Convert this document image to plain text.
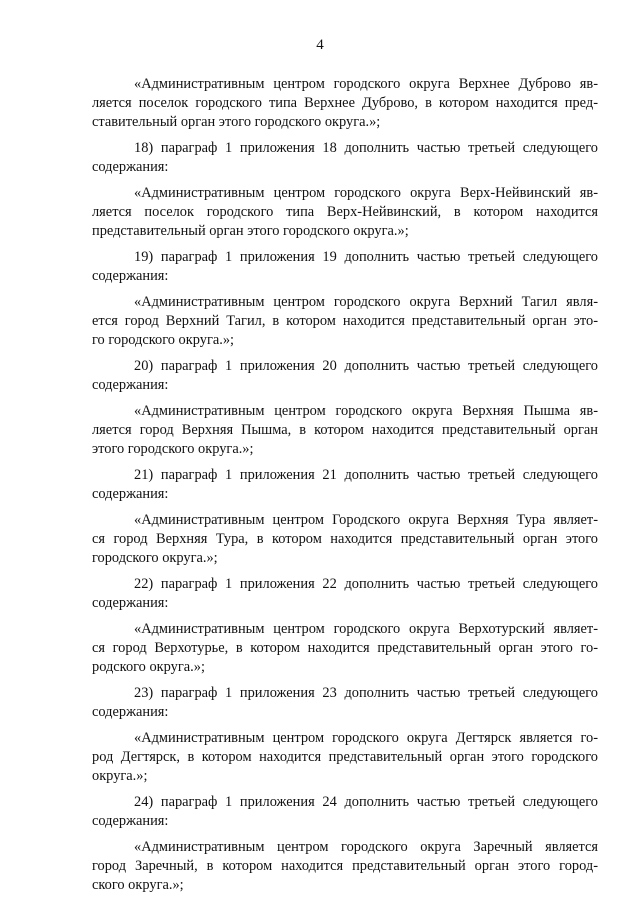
4
«Административным центром городского округа Верхнее Дуброво яв-
ляется поселок городского типа Верхнее Дуброво, в котором находится пред-
ставительный орган этого городского округа.»;
18) параграф 1 приложения 18 дополнить частью третьей следующего
содержания:
«Административным центром городского округа Верх-Нейвинский яв-
ляется поселок городского типа Верх-Нейвинский, в котором находится
представительный орган этого городского округа.»;
19) параграф 1 приложения 19 дополнить частью третьей следующего
содержания:
«Административным центром городского округа Верхний Тагил явля-
ется город Верхний Тагил, в котором находится представительный орган это-
го городского округа.»;
20) параграф 1 приложения 20 дополнить частью третьей следующего
содержания:
«Административным центром городского округа Верхняя Пышма яв-
ляется город Верхняя Пышма, в котором находится представительный орган
этого городского округа.»;
21) параграф 1 приложения 21 дополнить частью третьей следующего
содержания:
«Административным центром Городского округа Верхняя Тура являет-
ся город Верхняя Тура, в котором находится представительный орган этого
городского округа.»;
22) параграф 1 приложения 22 дополнить частью третьей следующего
содержания:
«Административным центром городского округа Верхотурский являет-
ся город Верхотурье, в котором находится представительный орган этого го-
родского округа.»;
23) параграф 1 приложения 23 дополнить частью третьей следующего
содержания:
«Административным центром городского округа Дегтярск является го-
род Дегтярск, в котором находится представительный орган этого городского
округа.»;
24) параграф 1 приложения 24 дополнить частью третьей следующего
содержания:
«Административным центром городского округа Заречный является
город Заречный, в котором находится представительный орган этого город-
ского округа.»;
